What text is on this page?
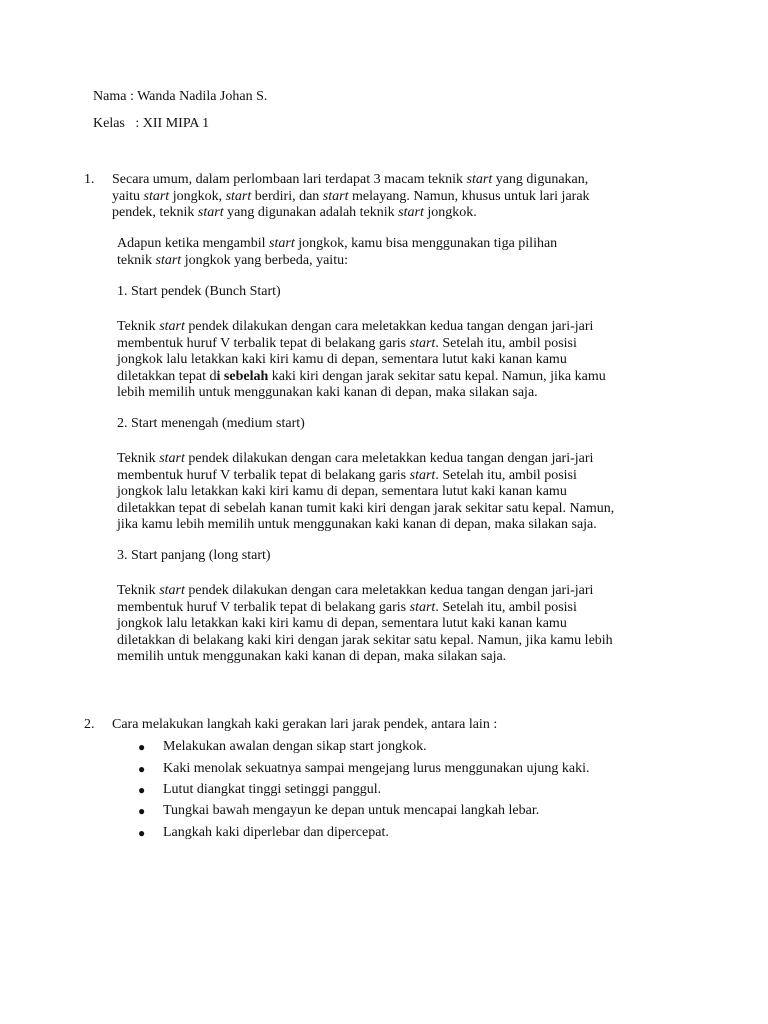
Nama : Wanda Nadila Johan S.
Kelas   : XII MIPA 1
1. Secara umum, dalam perlombaan lari terdapat 3 macam teknik start yang digunakan,
yaitu start jongkok, start berdiri, dan start melayang. Namun, khusus untuk lari jarak
pendek, teknik start yang digunakan adalah teknik start jongkok.
Adapun ketika mengambil start jongkok, kamu bisa menggunakan tiga pilihan
teknik start jongkok yang berbeda, yaitu:
1. Start pendek (Bunch Start)
Teknik start pendek dilakukan dengan cara meletakkan kedua tangan dengan jari-jari
membentuk huruf V terbalik tepat di belakang garis start. Setelah itu, ambil posisi
jongkok lalu letakkan kaki kiri kamu di depan, sementara lutut kaki kanan kamu
diletakkan tepat di sebelah kaki kiri dengan jarak sekitar satu kepal. Namun, jika kamu
lebih memilih untuk menggunakan kaki kanan di depan, maka silakan saja.
2. Start menengah (medium start)
Teknik start pendek dilakukan dengan cara meletakkan kedua tangan dengan jari-jari
membentuk huruf V terbalik tepat di belakang garis start. Setelah itu, ambil posisi
jongkok lalu letakkan kaki kiri kamu di depan, sementara lutut kaki kanan kamu
diletakkan tepat di sebelah kanan tumit kaki kiri dengan jarak sekitar satu kepal. Namun,
jika kamu lebih memilih untuk menggunakan kaki kanan di depan, maka silakan saja.
3. Start panjang (long start)
Teknik start pendek dilakukan dengan cara meletakkan kedua tangan dengan jari-jari
membentuk huruf V terbalik tepat di belakang garis start. Setelah itu, ambil posisi
jongkok lalu letakkan kaki kiri kamu di depan, sementara lutut kaki kanan kamu
diletakkan di belakang kaki kiri dengan jarak sekitar satu kepal. Namun, jika kamu lebih
memilih untuk menggunakan kaki kanan di depan, maka silakan saja.
2. Cara melakukan langkah kaki gerakan lari jarak pendek, antara lain :
● Melakukan awalan dengan sikap start jongkok.
● Kaki menolak sekuatnya sampai mengejang lurus menggunakan ujung kaki.
● Lutut diangkat tinggi setinggi panggul.
● Tungkai bawah mengayun ke depan untuk mencapai langkah lebar.
● Langkah kaki diperlebar dan dipercepat.
